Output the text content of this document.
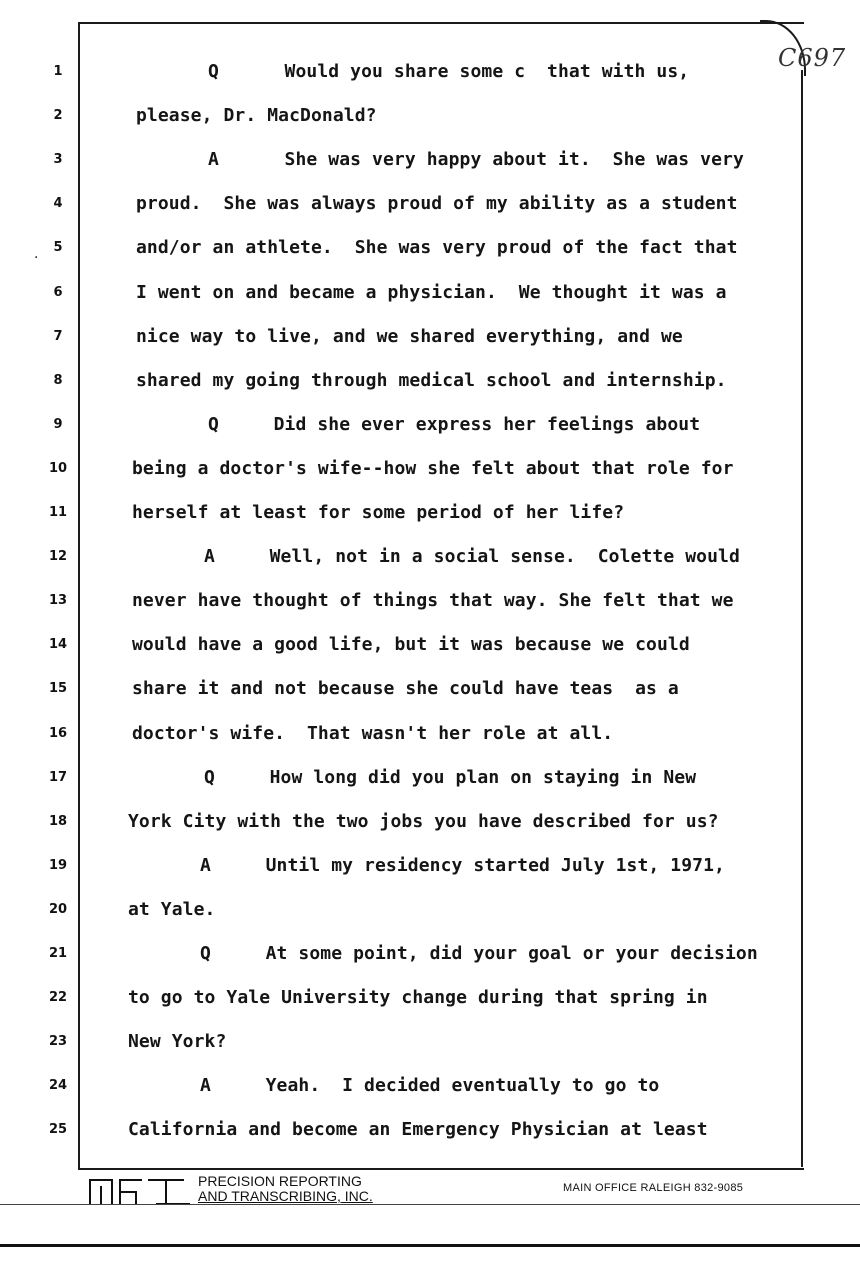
C697
·
1	Q      Would you share some c  that with us,
2	please, Dr. MacDonald?
3	A      She was very happy about it.  She was very
4	proud.  She was always proud of my ability as a student
5	and/or an athlete.  She was very proud of the fact that
6	I went on and became a physician.  We thought it was a
7	nice way to live, and we shared everything, and we
8	shared my going through medical school and internship.
9	Q     Did she ever express her feelings about
10	being a doctor's wife--how she felt about that role for
11	herself at least for some period of her life?
12	A     Well, not in a social sense.  Colette would
13	never have thought of things that way. She felt that we
14	would have a good life, but it was because we could
15	share it and not because she could have teas  as a
16	doctor's wife.  That wasn't her role at all.
17	Q     How long did you plan on staying in New
18	York City with the two jobs you have described for us?
19	A     Until my residency started July 1st, 1971,
20	at Yale.
21	Q     At some point, did your goal or your decision
22	to go to Yale University change during that spring in
23	New York?
24	A     Yeah.  I decided eventually to go to
25	California and become an Emergency Physician at least
PRECISION REPORTING
AND TRANSCRIBING, INC.	MAIN OFFICE RALEIGH 832-9085
